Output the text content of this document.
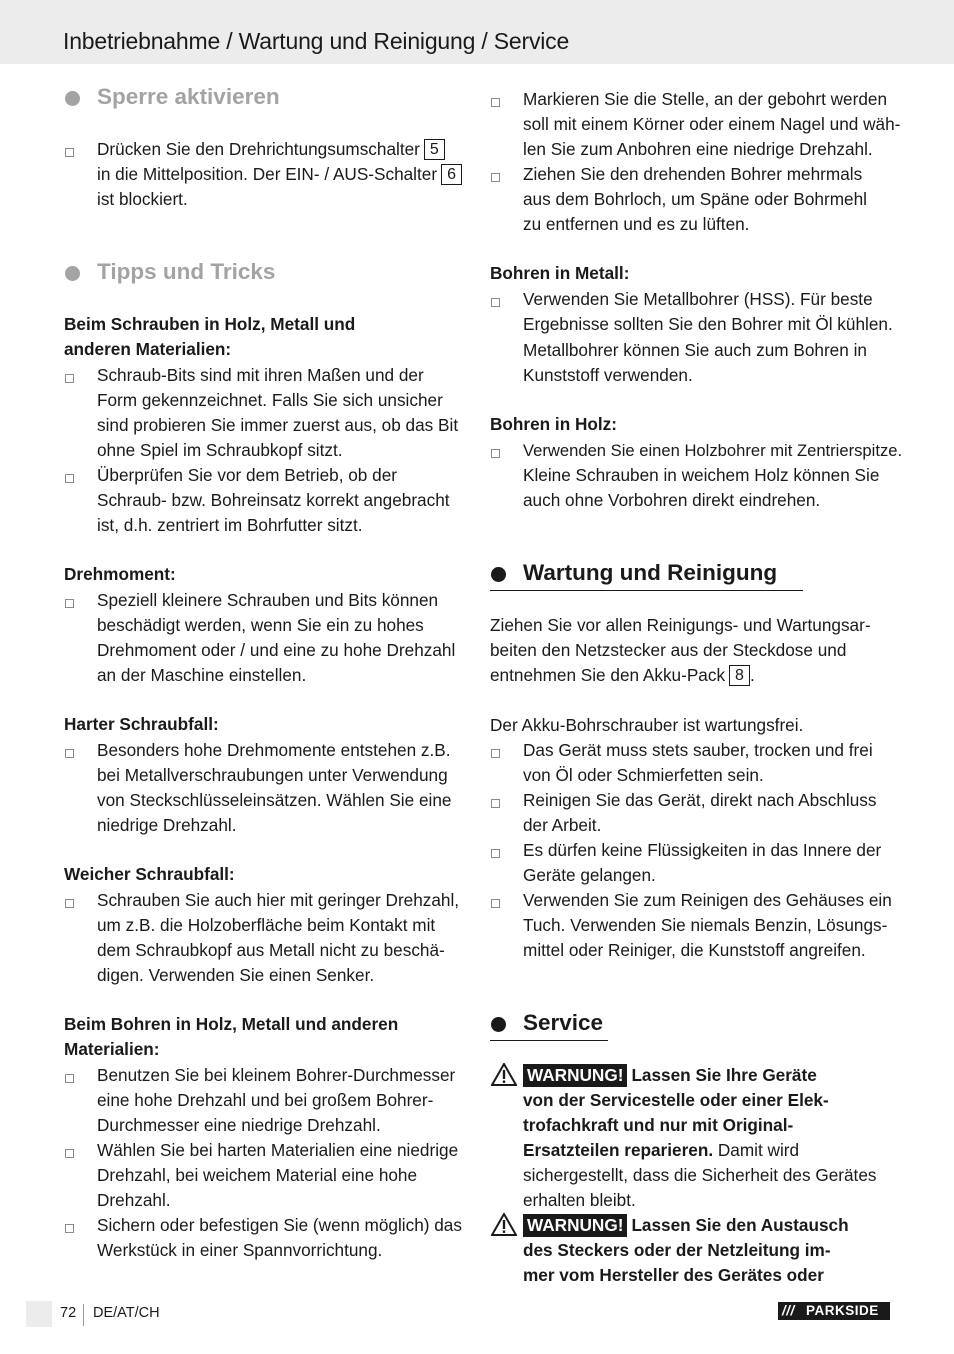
Inbetriebnahme / Wartung und Reinigung / Service
Sperre aktivieren
Drücken Sie den Drehrichtungsumschalter 5
in die Mittelposition. Der EIN- / AUS-Schalter 6
ist blockiert.
Tipps und Tricks
Beim Schrauben in Holz, Metall und
anderen Materialien:
Schraub-Bits sind mit ihren Maßen und der
Form gekennzeichnet. Falls Sie sich unsicher
sind probieren Sie immer zuerst aus, ob das Bit
ohne Spiel im Schraubkopf sitzt.
Überprüfen Sie vor dem Betrieb, ob der
Schraub- bzw. Bohreinsatz korrekt angebracht
ist, d.h. zentriert im Bohrfutter sitzt.
Drehmoment:
Speziell kleinere Schrauben und Bits können
beschädigt werden, wenn Sie ein zu hohes
Drehmoment oder / und eine zu hohe Drehzahl
an der Maschine einstellen.
Harter Schraubfall:
Besonders hohe Drehmomente entstehen z.B.
bei Metallverschraubungen unter Verwendung
von Steckschlüsseleinsätzen. Wählen Sie eine
niedrige Drehzahl.
Weicher Schraubfall:
Schrauben Sie auch hier mit geringer Drehzahl,
um z.B. die Holzoberfläche beim Kontakt mit
dem Schraubkopf aus Metall nicht zu beschä-
digen. Verwenden Sie einen Senker.
Beim Bohren in Holz, Metall und anderen
Materialien:
Benutzen Sie bei kleinem Bohrer-Durchmesser
eine hohe Drehzahl und bei großem Bohrer-
Durchmesser eine niedrige Drehzahl.
Wählen Sie bei harten Materialien eine niedrige
Drehzahl, bei weichem Material eine hohe
Drehzahl.
Sichern oder befestigen Sie (wenn möglich) das
Werkstück in einer Spannvorrichtung.
Markieren Sie die Stelle, an der gebohrt werden
soll mit einem Körner oder einem Nagel und wäh-
len Sie zum Anbohren eine niedrige Drehzahl.
Ziehen Sie den drehenden Bohrer mehrmals
aus dem Bohrloch, um Späne oder Bohrmehl
zu entfernen und es zu lüften.
Bohren in Metall:
Verwenden Sie Metallbohrer (HSS). Für beste
Ergebnisse sollten Sie den Bohrer mit Öl kühlen.
Metallbohrer können Sie auch zum Bohren in
Kunststoff verwenden.
Bohren in Holz:
Verwenden Sie einen Holzbohrer mit Zentrierspitze.
Kleine Schrauben in weichem Holz können Sie
auch ohne Vorbohren direkt eindrehen.
Wartung und Reinigung
Ziehen Sie vor allen Reinigungs- und Wartungsar-
beiten den Netzstecker aus der Steckdose und
entnehmen Sie den Akku-Pack 8 .
Der Akku-Bohrschrauber ist wartungsfrei.
Das Gerät muss stets sauber, trocken und frei
von Öl oder Schmierfetten sein.
Reinigen Sie das Gerät, direkt nach Abschluss
der Arbeit.
Es dürfen keine Flüssigkeiten in das Innere der
Geräte gelangen.
Verwenden Sie zum Reinigen des Gehäuses ein
Tuch. Verwenden Sie niemals Benzin, Lösungs-
mittel oder Reiniger, die Kunststoff angreifen.
Service
WARNUNG! Lassen Sie Ihre Geräte
von der Servicestelle oder einer Elek-
trofachkraft und nur mit Original-
Ersatzteilen reparieren. Damit wird
sichergestellt, dass die Sicherheit des Gerätes
erhalten bleibt.
WARNUNG! Lassen Sie den Austausch
des Steckers oder der Netzleitung im-
mer vom Hersteller des Gerätes oder
72 DE/AT/CH	/// PARKSIDE
